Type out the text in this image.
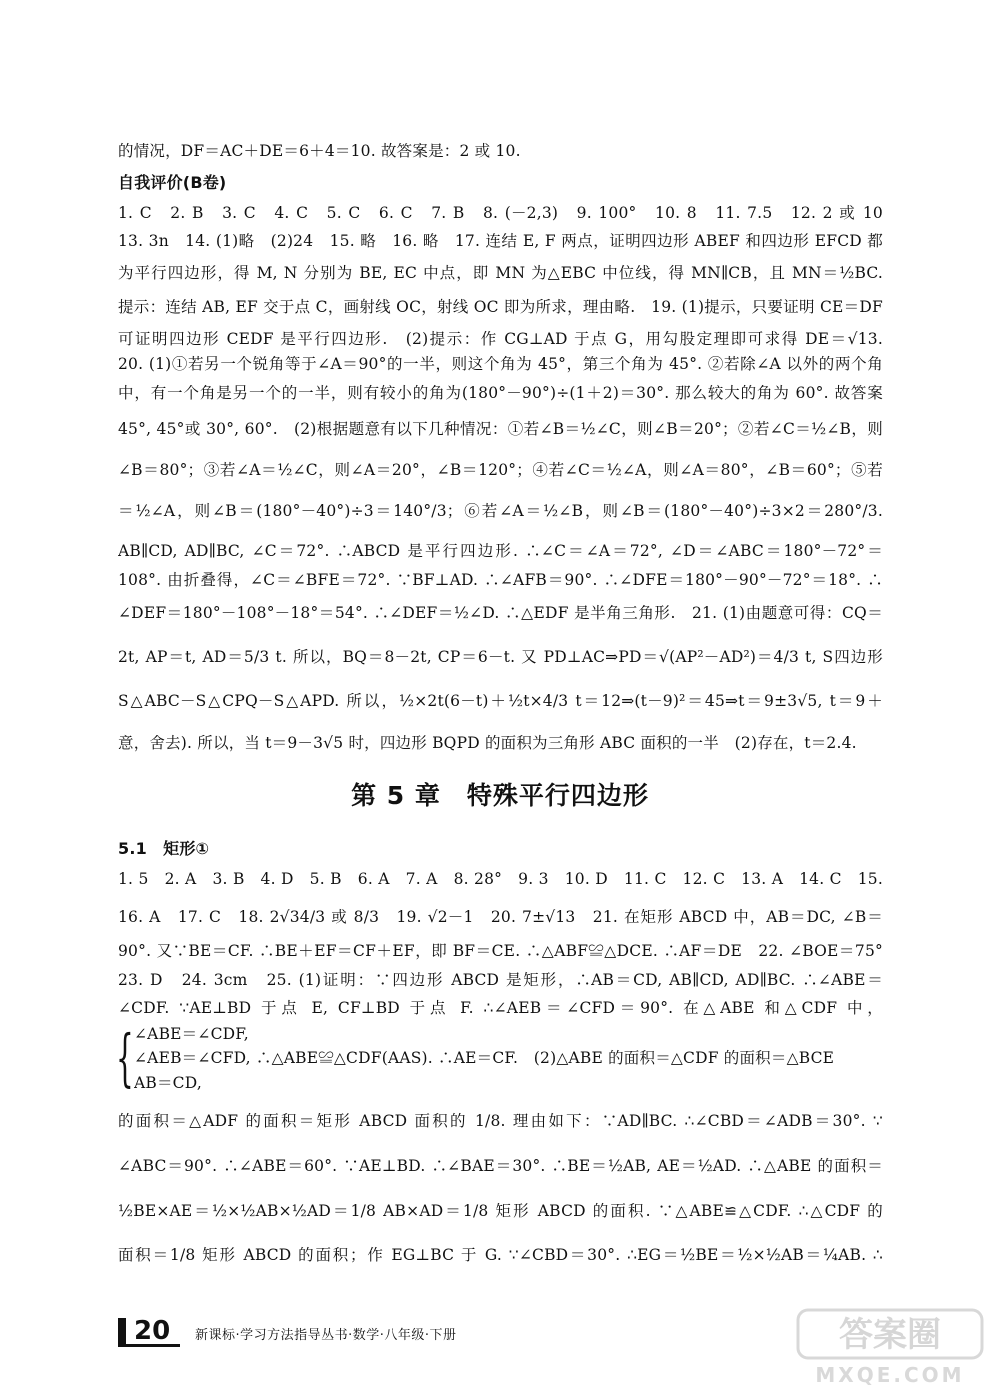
的情况，DF＝AC＋DE＝6＋4＝10. 故答案是：2 或 10.
自我评价(B卷)
1. C　2. B　3. C　4. C　5. C　6. C　7. B　8. (－2,3)　9. 100°　10. 8　11. 7.5　12. 2 或 10
13. 3n　14. (1)略　(2)24　15. 略　16. 略　17. 连结 E, F 两点，证明四边形 ABEF 和四边形 EFCD 都
为平行四边形，得 M, N 分别为 BE, EC 中点，即 MN 为△EBC 中位线，得 MN∥CB，且 MN＝½BC.　
提示：连结 AB, EF 交于点 C，画射线 OC，射线 OC 即为所求，理由略.　19. (1)提示，只要证明 CE＝DF
可证明四边形 CEDF 是平行四边形.　(2)提示：作 CG⊥AD 于点 G，用勾股定理即可求得 DE＝√13.
20. (1)①若另一个锐角等于∠A＝90°的一半，则这个角为 45°，第三个角为 45°. ②若除∠A 以外的两个角
中，有一个角是另一个的一半，则有较小的角为(180°－90°)÷(1＋2)＝30°. 那么较大的角为 60°. 故答案
45°, 45°或 30°, 60°.　(2)根据题意有以下几种情况：①若∠B＝½∠C，则∠B＝20°；②若∠C＝½∠B，则
∠B＝80°；③若∠A＝½∠C，则∠A＝20°，∠B＝120°；④若∠C＝½∠A，则∠A＝80°，∠B＝60°；⑤若
＝½∠A，则∠B＝(180°－40°)÷3＝140°/3；⑥若∠A＝½∠B，则∠B＝(180°－40°)÷3×2＝280°/3.　
AB∥CD, AD∥BC, ∠C＝72°. ∴ABCD 是平行四边形. ∴∠C＝∠A＝72°, ∠D＝∠ABC＝180°－72°＝
108°. 由折叠得，∠C＝∠BFE＝72°. ∵BF⊥AD. ∴∠AFB＝90°. ∴∠DFE＝180°－90°－72°＝18°. ∴
∠DEF＝180°－108°－18°＝54°. ∴∠DEF＝½∠D. ∴△EDF 是半角三角形.　21. (1)由题意可得：CQ＝
2t, AP＝t, AD＝5/3 t. 所以，BQ＝8－2t, CP＝6－t. 又 PD⊥AC⇒PD＝√(AP²－AD²)＝4/3 t, S四边形
S△ABC－S△CPQ－S△APD. 所以，½×2t(6－t)＋½t×4/3 t＝12⇒(t－9)²＝45⇒t＝9±3√5, t＝9＋
意，舍去). 所以，当 t＝9－3√5 时，四边形 BQPD 的面积为三角形 ABC 面积的一半　(2)存在，t＝2.4.
第 5 章　特殊平行四边形
5.1　矩形①
1. 5　2. A　3. B　4. D　5. B　6. A　7. A　8. 28°　9. 3　10. D　11. C　12. C　13. A　14. C　15.
16. A　17. C　18. 2√34/3 或 8/3　19. √2－1　20. 7±√13　21. 在矩形 ABCD 中，AB＝DC, ∠B＝
90°. 又∵BE＝CF. ∴BE＋EF＝CF＋EF，即 BF＝CE. ∴△ABF≌△DCE. ∴AF＝DE　22. ∠BOE＝75°
23. D　24. 3cm　25. (1)证明：∵四边形 ABCD 是矩形，∴AB＝CD, AB∥CD, AD∥BC. ∴∠ABE＝
∠CDF. ∵AE⊥BD 于点 E, CF⊥BD 于点 F. ∴∠AEB＝∠CFD＝90°. 在△ABE 和△CDF 中，
{ ∠ABE＝∠CDF,
∠AEB＝∠CFD, ∴△ABE≌△CDF(AAS). ∴AE＝CF.　(2)△ABE 的面积＝△CDF 的面积＝△BCE
AB＝CD,
的面积＝△ADF 的面积＝矩形 ABCD 面积的 1/8. 理由如下：∵AD∥BC. ∴∠CBD＝∠ADB＝30°. ∵
∠ABC＝90°. ∴∠ABE＝60°. ∵AE⊥BD. ∴∠BAE＝30°. ∴BE＝½AB, AE＝½AD. ∴△ABE 的面积＝
½BE×AE＝½×½AB×½AD＝1/8 AB×AD＝1/8 矩形 ABCD 的面积. ∵△ABE≌△CDF. ∴△CDF 的
面积＝1/8 矩形 ABCD 的面积；作 EG⊥BC 于 G. ∵∠CBD＝30°. ∴EG＝½BE＝½×½AB＝¼AB. ∴
20 新课标·学习方法指导丛书·数学·八年级·下册	答案圈
MXQE.COM
